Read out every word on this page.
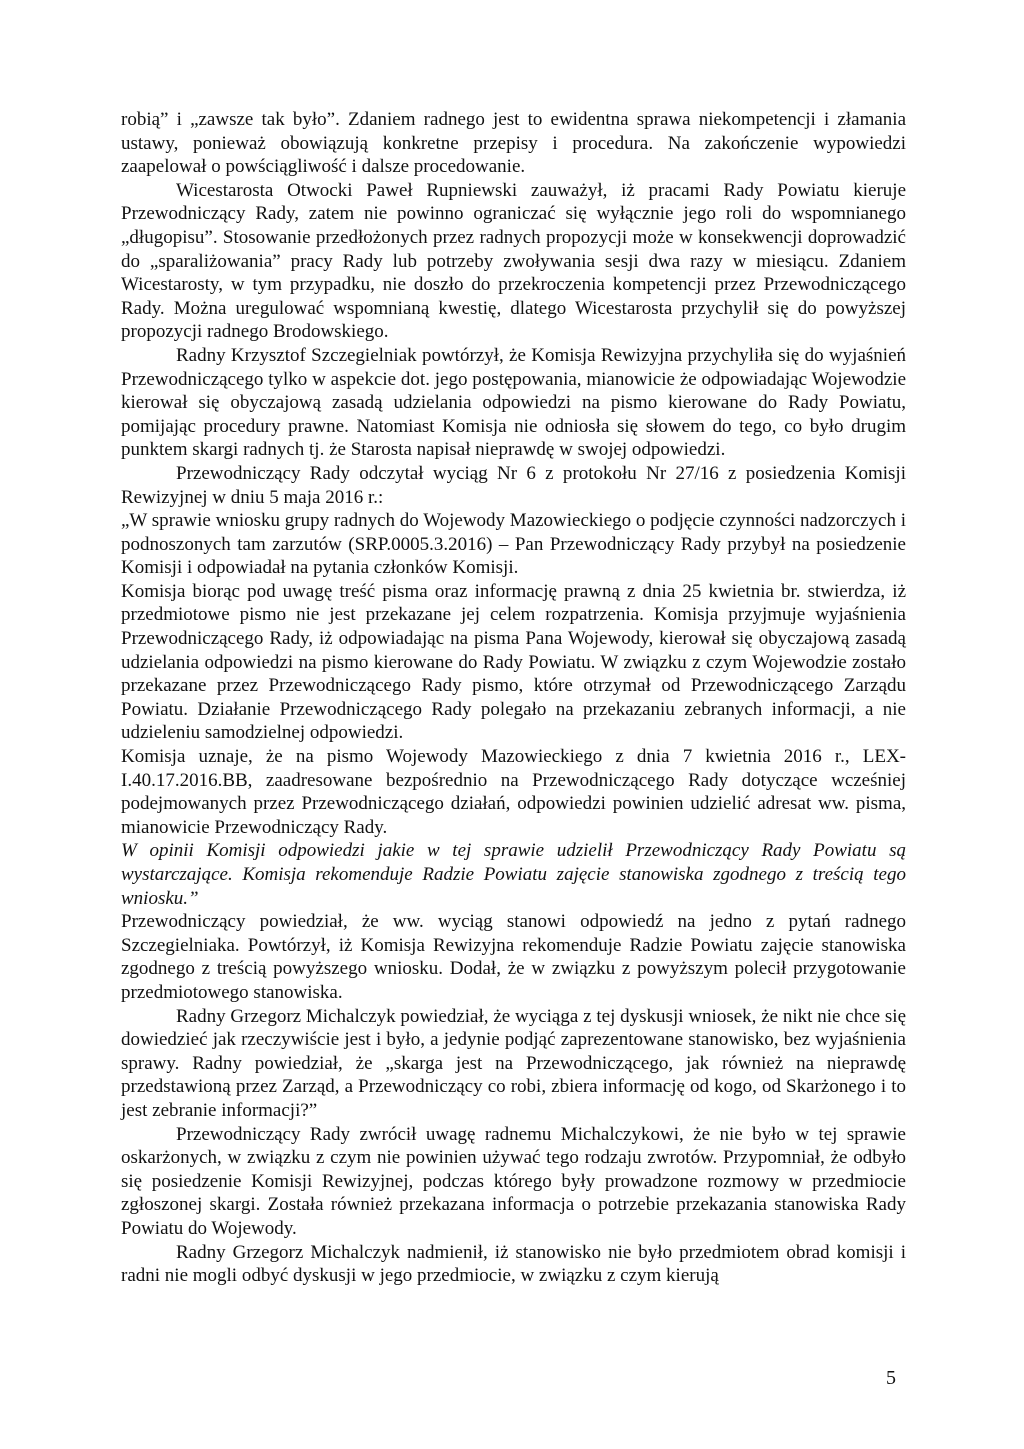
robią” i „zawsze tak było”. Zdaniem radnego jest to ewidentna sprawa niekompetencji i złamania ustawy, ponieważ obowiązują konkretne przepisy i procedura. Na zakończenie wypowiedzi zaapelował o powściągliwość i dalsze procedowanie.

Wicestarosta Otwocki Paweł Rupniewski zauważył, iż pracami Rady Powiatu kieruje Przewodniczący Rady, zatem nie powinno ograniczać się wyłącznie jego roli do wspomnianego „długopisu”. Stosowanie przedłożonych przez radnych propozycji może w konsekwencji doprowadzić do „sparaliżowania” pracy Rady lub potrzeby zwoływania sesji dwa razy w miesiącu. Zdaniem Wicestarosty, w tym przypadku, nie doszło do przekroczenia kompetencji przez Przewodniczącego Rady. Można uregulować wspomnianą kwestię, dlatego Wicestarosta przychylił się do powyższej propozycji radnego Brodowskiego.

Radny Krzysztof Szczegielniak powtórzył, że Komisja Rewizyjna przychyliła się do wyjaśnień Przewodniczącego tylko w aspekcie dot. jego postępowania, mianowicie że odpowiadając Wojewodzie kierował się obyczajową zasadą udzielania odpowiedzi na pismo kierowane do Rady Powiatu, pomijając procedury prawne. Natomiast Komisja nie odniosła się słowem do tego, co było drugim punktem skargi radnych tj. że Starosta napisał nieprawdę w swojej odpowiedzi.

Przewodniczący Rady odczytał wyciąg Nr 6 z protokołu Nr 27/16 z posiedzenia Komisji Rewizyjnej w dniu 5 maja 2016 r.:

„W sprawie wniosku grupy radnych do Wojewody Mazowieckiego o podjęcie czynności nadzorczych i podnoszonych tam zarzutów (SRP.0005.3.2016) – Pan Przewodniczący Rady przybył na posiedzenie Komisji i odpowiadał na pytania członków Komisji.

Komisja biorąc pod uwagę treść pisma oraz informację prawną z dnia 25 kwietnia br. stwierdza, iż przedmiotowe pismo nie jest przekazane jej celem rozpatrzenia. Komisja przyjmuje wyjaśnienia Przewodniczącego Rady, iż odpowiadając na pisma Pana Wojewody, kierował się obyczajową zasadą udzielania odpowiedzi na pismo kierowane do Rady Powiatu. W związku z czym Wojewodzie zostało przekazane przez Przewodniczącego Rady pismo, które otrzymał od Przewodniczącego Zarządu Powiatu. Działanie Przewodniczącego Rady polegało na przekazaniu zebranych informacji, a nie udzieleniu samodzielnej odpowiedzi.

Komisja uznaje, że na pismo Wojewody Mazowieckiego z dnia 7 kwietnia 2016 r., LEX-I.40.17.2016.BB, zaadresowane bezpośrednio na Przewodniczącego Rady dotyczące wcześniej podejmowanych przez Przewodniczącego działań, odpowiedzi powinien udzielić adresat ww. pisma, mianowicie Przewodniczący Rady.

W opinii Komisji odpowiedzi jakie w tej sprawie udzielił Przewodniczący Rady Powiatu są wystarczające. Komisja rekomenduje Radzie Powiatu zajęcie stanowiska zgodnego z treścią tego wniosku.”

Przewodniczący powiedział, że ww. wyciąg stanowi odpowiedź na jedno z pytań radnego Szczegielniaka. Powtórzył, iż Komisja Rewizyjna rekomenduje Radzie Powiatu zajęcie stanowiska zgodnego z treścią powyższego wniosku. Dodał, że w związku z powyższym polecił przygotowanie przedmiotowego stanowiska.

Radny Grzegorz Michalczyk powiedział, że wyciąga z tej dyskusji wniosek, że nikt nie chce się dowiedzieć jak rzeczywiście jest i było, a jedynie podjąć zaprezentowane stanowisko, bez wyjaśnienia sprawy. Radny powiedział, że „skarga jest na Przewodniczącego, jak również na nieprawdę przedstawioną przez Zarząd, a Przewodniczący co robi, zbiera informację od kogo, od Skarżonego i to jest zebranie informacji?”

Przewodniczący Rady zwrócił uwagę radnemu Michalczykowi, że nie było w tej sprawie oskarżonych, w związku z czym nie powinien używać tego rodzaju zwrotów. Przypomniał, że odbyło się posiedzenie Komisji Rewizyjnej, podczas którego były prowadzone rozmowy w przedmiocie zgłoszonej skargi. Została również przekazana informacja o potrzebie przekazania stanowiska Rady Powiatu do Wojewody.

Radny Grzegorz Michalczyk nadmienił, iż stanowisko nie było przedmiotem obrad komisji i radni nie mogli odbyć dyskusji w jego przedmiocie, w związku z czym kierują

5
